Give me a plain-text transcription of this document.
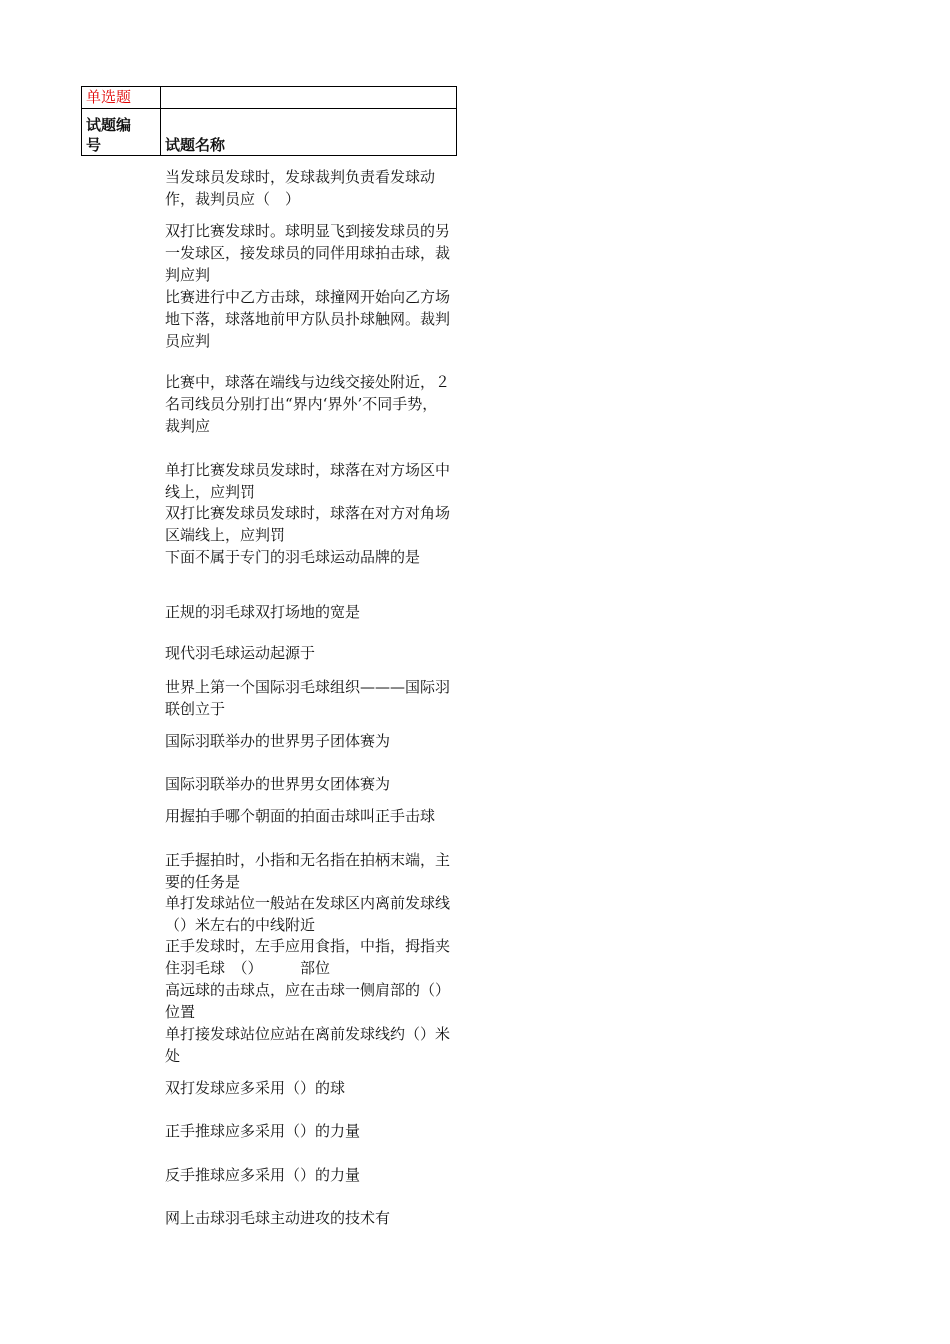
单选题	

试题编
号	试题名称

当发球员发球时，发球裁判负责看发球动作，裁判员应（　）

双打比赛发球时。球明显飞到接发球员的另一发球区，接发球员的同伴用球拍击球，裁判应判

比赛进行中乙方击球，球撞网开始向乙方场地下落，球落地前甲方队员扑球触网。裁判员应判

比赛中，球落在端线与边线交接处附近，２名司线员分别打出“界内‘界外’不同手势，裁判应

单打比赛发球员发球时，球落在对方场区中线上，应判罚

双打比赛发球员发球时，球落在对方对角场区端线上，应判罚

下面不属于专门的羽毛球运动品牌的是

正规的羽毛球双打场地的宽是

现代羽毛球运动起源于

世界上第一个国际羽毛球组织———国际羽联创立于

国际羽联举办的世界男子团体赛为

国际羽联举办的世界男女团体赛为

用握拍手哪个朝面的拍面击球叫正手击球

正手握拍时，小指和无名指在拍柄末端，主要的任务是

单打发球站位一般站在发球区内离前发球线　（）米左右的中线附近

正手发球时，左手应用食指，中指，拇指夹住羽毛球　（）　　　部位

高远球的击球点，应在击球一侧肩部的（）位置

单打接发球站位应站在离前发球线约（）米处

双打发球应多采用（）的球

正手推球应多采用（）的力量

反手推球应多采用（）的力量

网上击球羽毛球主动进攻的技术有
